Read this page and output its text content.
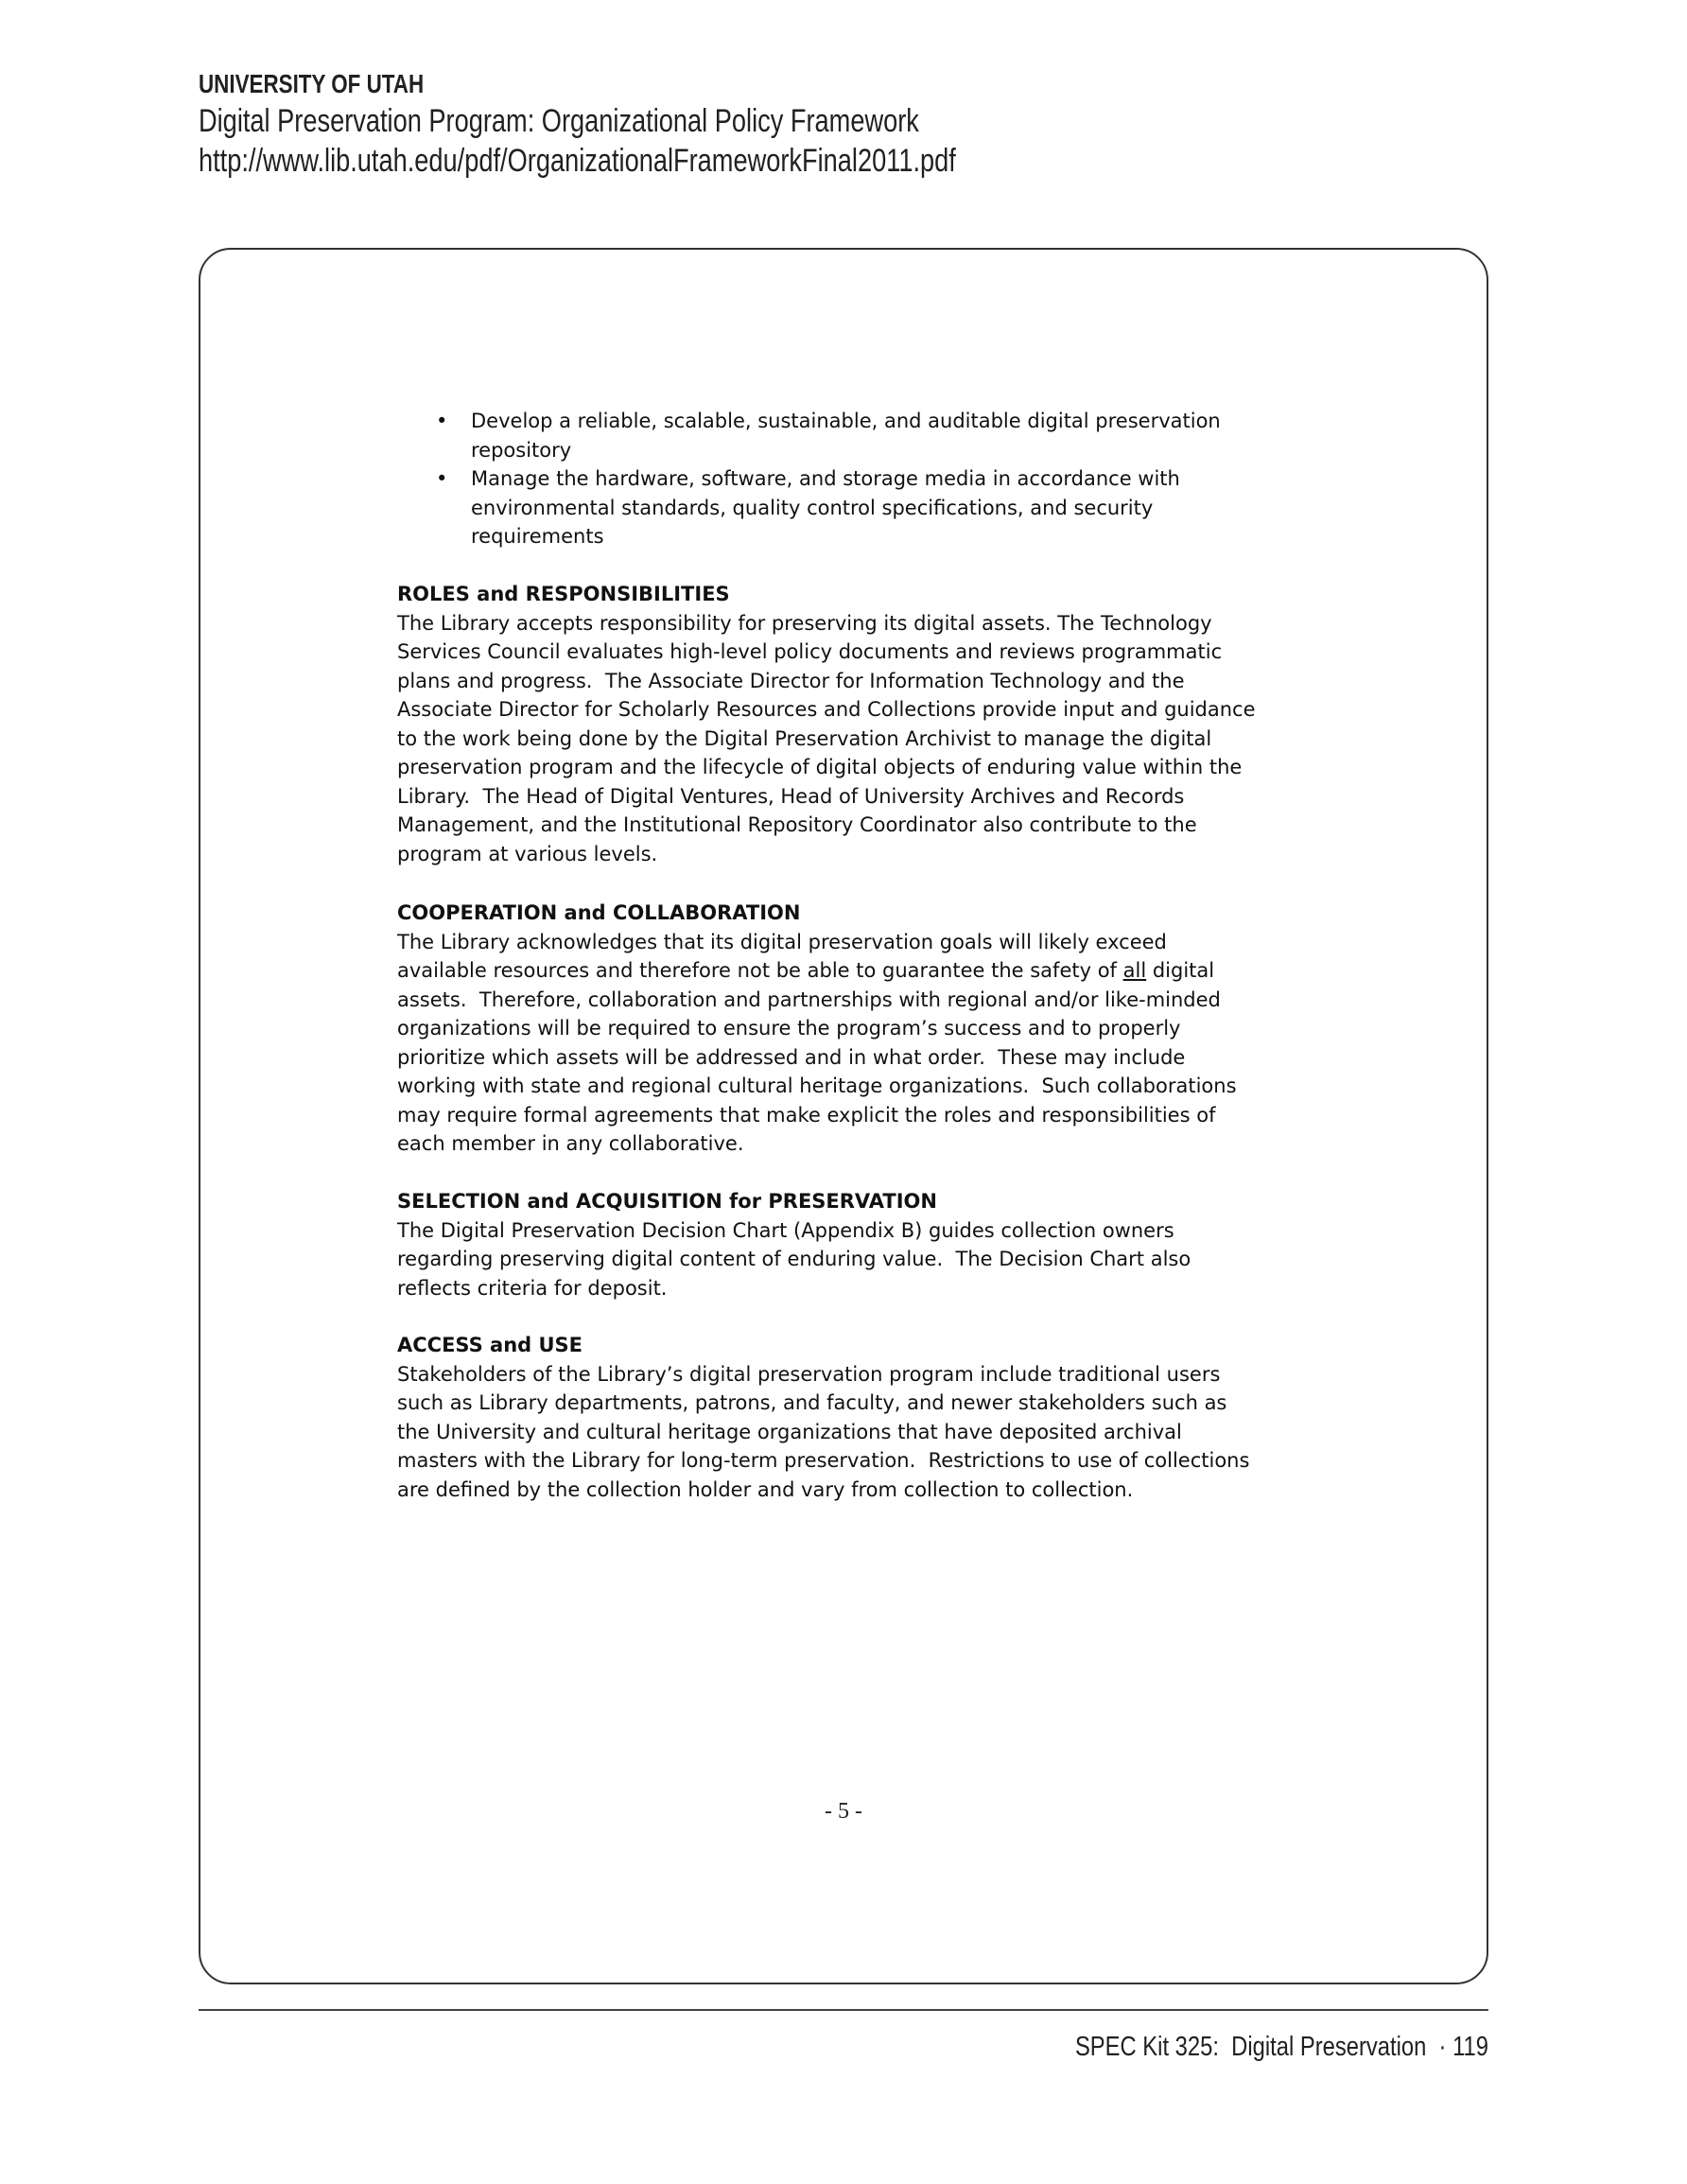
UNIVERSITY OF UTAH
Digital Preservation Program: Organizational Policy Framework
http://www.lib.utah.edu/pdf/OrganizationalFrameworkFinal2011.pdf
• Develop a reliable, scalable, sustainable, and auditable digital preservation
repository
• Manage the hardware, software, and storage media in accordance with
environmental standards, quality control specifications, and security
requirements
ROLES and RESPONSIBILITIES
The Library accepts responsibility for preserving its digital assets. The Technology
Services Council evaluates high-level policy documents and reviews programmatic
plans and progress.  The Associate Director for Information Technology and the
Associate Director for Scholarly Resources and Collections provide input and guidance
to the work being done by the Digital Preservation Archivist to manage the digital
preservation program and the lifecycle of digital objects of enduring value within the
Library.  The Head of Digital Ventures, Head of University Archives and Records
Management, and the Institutional Repository Coordinator also contribute to the
program at various levels.
COOPERATION and COLLABORATION
The Library acknowledges that its digital preservation goals will likely exceed
available resources and therefore not be able to guarantee the safety of all digital
assets.  Therefore, collaboration and partnerships with regional and/or like-minded
organizations will be required to ensure the program’s success and to properly
prioritize which assets will be addressed and in what order.  These may include
working with state and regional cultural heritage organizations.  Such collaborations
may require formal agreements that make explicit the roles and responsibilities of
each member in any collaborative.
SELECTION and ACQUISITION for PRESERVATION
The Digital Preservation Decision Chart (Appendix B) guides collection owners
regarding preserving digital content of enduring value.  The Decision Chart also
reflects criteria for deposit.
ACCESS and USE
Stakeholders of the Library’s digital preservation program include traditional users
such as Library departments, patrons, and faculty, and newer stakeholders such as
the University and cultural heritage organizations that have deposited archival
masters with the Library for long-term preservation.  Restrictions to use of collections
are defined by the collection holder and vary from collection to collection.
- 5 -
SPEC Kit 325:  Digital Preservation  · 119
